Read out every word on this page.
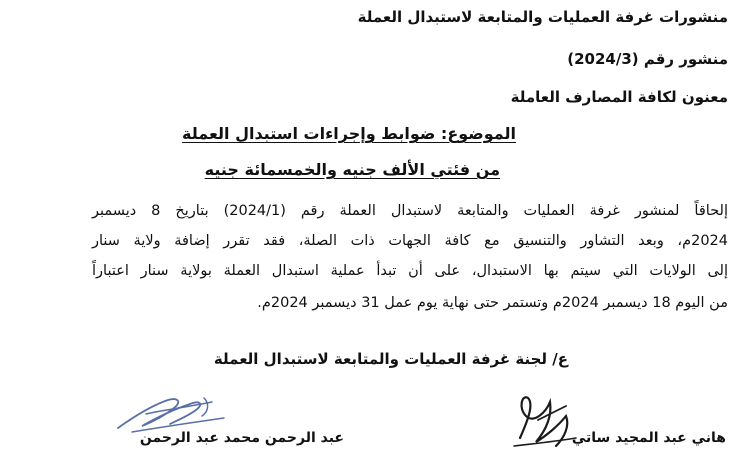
منشورات غرفة العمليات والمتابعة لاستبدال العملة
منشور رقم (2024/3)
معنون لكافة المصارف العاملة
الموضوع: ضوابط وإجراءات استبدال العملة
من فئتي الألف جنيه والخمسمائة جنيه
إلحاقاً لمنشور غرفة العمليات والمتابعة لاستبدال العملة رقم (2024/1) بتاريخ 8 ديسمبر
2024م، وبعد التشاور والتنسيق مع كافة الجهات ذات الصلة، فقد تقرر إضافة ولاية سنار
إلى الولايات التي سيتم بها الاستبدال، على أن تبدأ عملية استبدال العملة بولاية سنار اعتباراً
من اليوم 18 ديسمبر 2024م وتستمر حتى نهاية يوم عمل 31 ديسمبر 2024م.
ع/ لجنة غرفة العمليات والمتابعة لاستبدال العملة
هاني عبد المجيد ساتي
عبد الرحمن محمد عبد الرحمن
